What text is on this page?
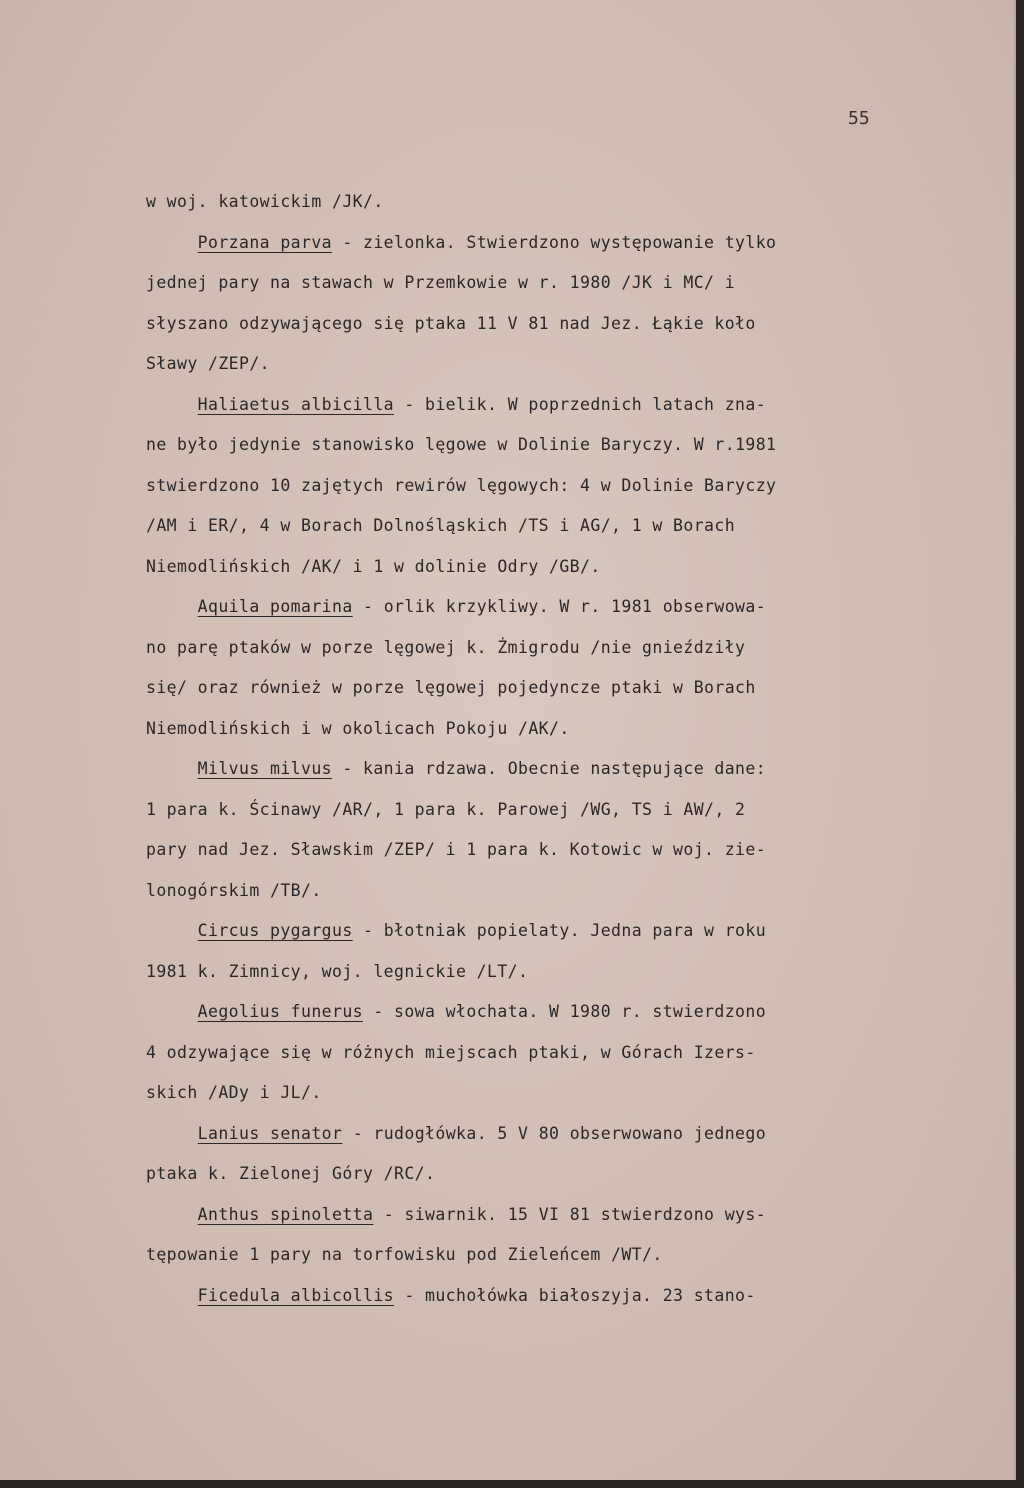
55
w woj. katowickim /JK/.
Porzana parva - zielonka. Stwierdzono występowanie tylko
jednej pary na stawach w Przemkowie w r. 1980 /JK i MC/ i
słyszano odzywającego się ptaka 11 V 81 nad Jez. Łąkie koło
Sławy /ZEP/.
Haliaetus albicilla - bielik. W poprzednich latach zna-
ne było jedynie stanowisko lęgowe w Dolinie Baryczy. W r.1981
stwierdzono 10 zajętych rewirów lęgowych: 4 w Dolinie Baryczy
/AM i ER/, 4 w Borach Dolnośląskich /TS i AG/, 1 w Borach
Niemodlińskich /AK/ i 1 w dolinie Odry /GB/.
Aquila pomarina - orlik krzykliwy. W r. 1981 obserwowa-
no parę ptaków w porze lęgowej k. Żmigrodu /nie gnieździły
się/ oraz również w porze lęgowej pojedyncze ptaki w Borach
Niemodlińskich i w okolicach Pokoju /AK/.
Milvus milvus - kania rdzawa. Obecnie następujące dane:
1 para k. Ścinawy /AR/, 1 para k. Parowej /WG, TS i AW/, 2
pary nad Jez. Sławskim /ZEP/ i 1 para k. Kotowic w woj. zie-
lonogórskim /TB/.
Circus pygargus - błotniak popielaty. Jedna para w roku
1981 k. Zimnicy, woj. legnickie /LT/.
Aegolius funerus - sowa włochata. W 1980 r. stwierdzono
4 odzywające się w różnych miejscach ptaki, w Górach Izers-
skich /ADy i JL/.
Lanius senator - rudogłówka. 5 V 80 obserwowano jednego
ptaka k. Zielonej Góry /RC/.
Anthus spinoletta - siwarnik. 15 VI 81 stwierdzono wys-
tępowanie 1 pary na torfowisku pod Zieleńcem /WT/.
Ficedula albicollis - muchołówka białoszyja. 23 stano-
